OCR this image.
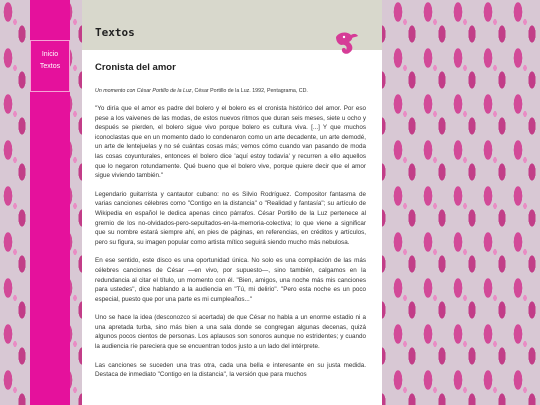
Inicio
Textos
Textos
Cronista del amor

Un momento con César Portillo de la Luz, César Portillo de la Luz. 1992, Pentagrama, CD.

"Yo diría que el amor es padre del bolero y el bolero es el cronista histórico del amor. Por eso pese a los vaivenes de las modas, de estos nuevos ritmos que duran seis meses, siete u ocho y después se pierden, el bolero sigue vivo porque bolero es cultura viva. [...] Y que muchos iconoclastas que en un momento dado lo condenaron como un arte decadente, un arte demodé, un arte de lentejuelas y no sé cuántas cosas más; vemos cómo cuando van pasando de moda las cosas coyunturales, entonces el bolero dice 'aquí estoy todavía' y recurren a ello aquellos que lo negaron rotundamente. Qué bueno que el bolero vive, porque quiere decir que el amor sigue viviendo también."

Legendario guitarrista y cantautor cubano: no es Silvio Rodríguez. Compositor fantasma de varias canciones célebres como "Contigo en la distancia" o "Realidad y fantasía"; su artículo de Wikipedia en español le dedica apenas cinco párrafos. César Portillo de la Luz pertenece al gremio de los no-olvidados-pero-sepultados-en-la-memoria-colectiva; lo que viene a significar que su nombre estará siempre ahí, en pies de páginas, en referencias, en créditos y artículos, pero su figura, su imagen popular como artista mítico seguirá siendo mucho más nebulosa.

En ese sentido, este disco es una oportunidad única. No solo es una compilación de las más célebres canciones de César —en vivo, por supuesto—, sino también, calgamos en la redundancia al citar el título, un momento con él. "Bien, amigos, una noche más mis canciones para ustedes", dice hablando a la audiencia en "Tú, mi delirio". "Pero esta noche es un poco especial, puesto que por una parte es mi cumpleaños..."

Uno se hace la idea (desconozco si acertada) de que César no habla a un enorme estadio ni a una apretada turba, sino más bien a una sala donde se congregan algunas decenas, quizá algunos pocos cientos de personas. Los aplausos son sonoros aunque no estridentes; y cuando la audiencia ríe pareciera que se encuentran todos justo a un lado del intérprete.

Las canciones se suceden una tras otra, cada una bella e interesante en su justa medida. Destaca de inmediato "Contigo en la distancia", la versión que para muchos
